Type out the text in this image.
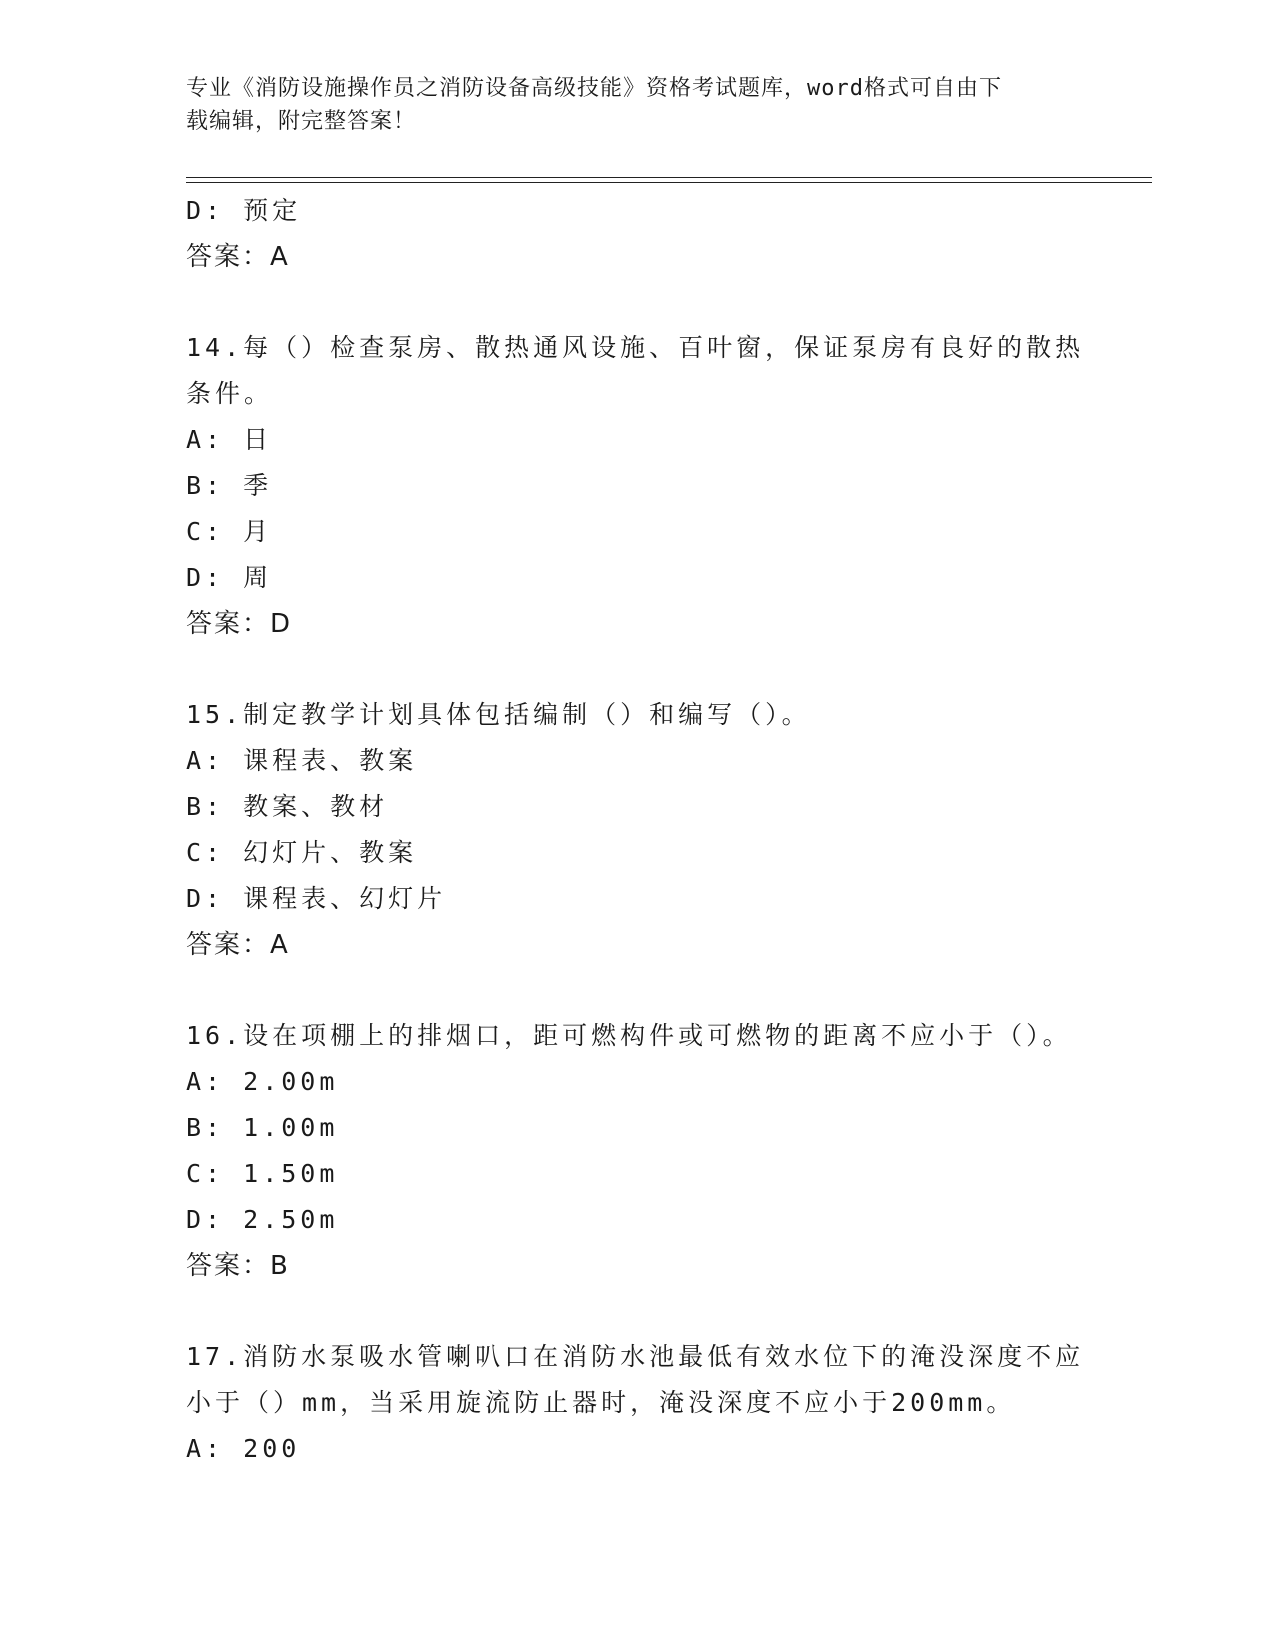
专业《消防设施操作员之消防设备高级技能》资格考试题库，word格式可自由下
载编辑，附完整答案！
D: 预定
答案：A
14.每（）检查泵房、散热通风设施、百叶窗，保证泵房有良好的散热
条件。
A: 日
B: 季
C: 月
D: 周
答案：D
15.制定教学计划具体包括编制（）和编写（）。
A: 课程表、教案
B: 教案、教材
C: 幻灯片、教案
D: 课程表、幻灯片
答案：A
16.设在项棚上的排烟口，距可燃构件或可燃物的距离不应小于（）。
A: 2.00m
B: 1.00m
C: 1.50m
D: 2.50m
答案：B
17.消防水泵吸水管喇叭口在消防水池最低有效水位下的淹没深度不应
小于（）mm，当采用旋流防止器时，淹没深度不应小于200mm。
A: 200
